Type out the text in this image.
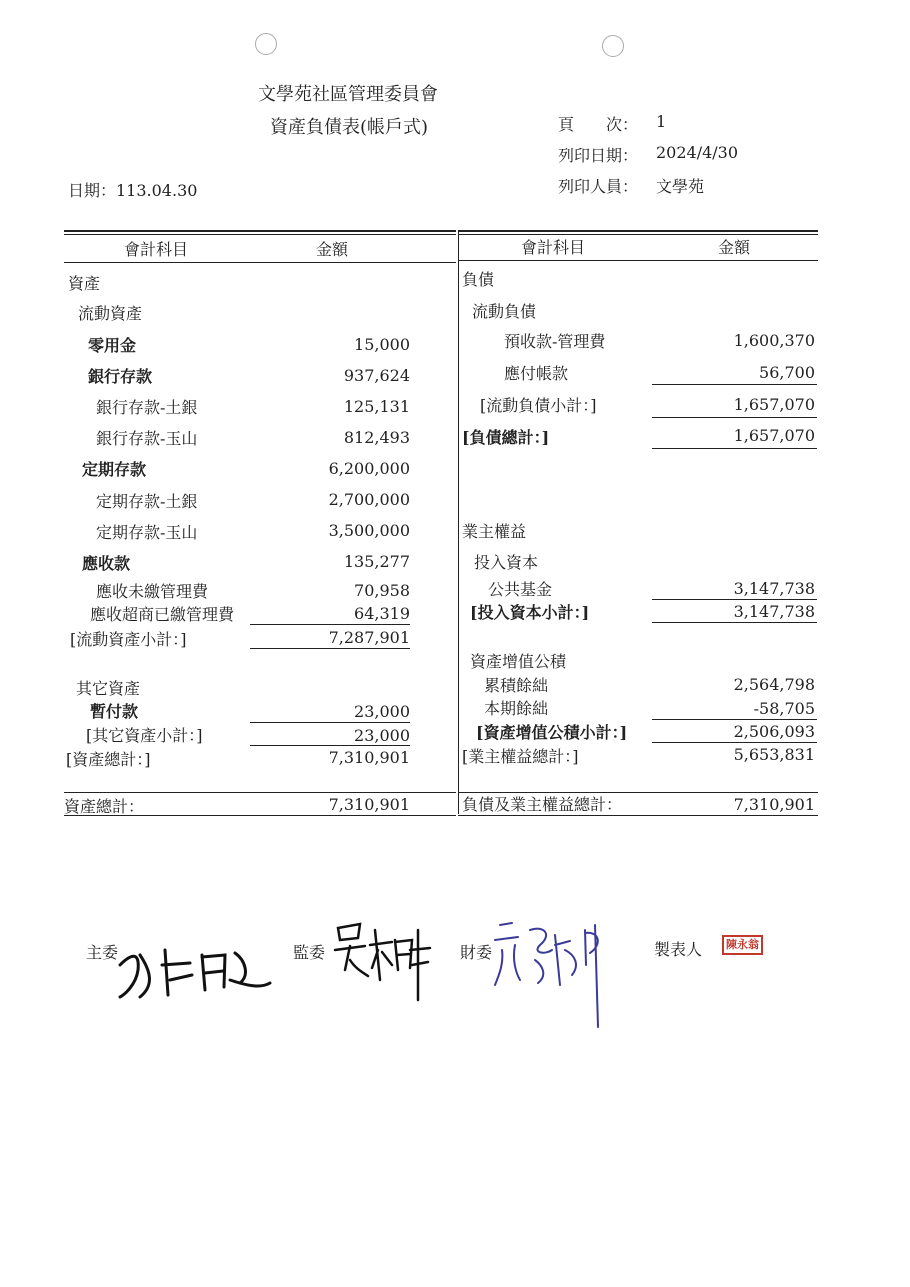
文學苑社區管理委員會
資產負債表(帳戶式)	頁　　次： 1
列印日期： 2024/4/30
列印人員： 文學苑
日期：113.04.30
會計科目	金額	會計科目	金額
資產
流動資產
零用金	15,000
銀行存款	937,624
銀行存款-土銀	125,131
銀行存款-玉山	812,493
定期存款	6,200,000
定期存款-土銀	2,700,000
定期存款-玉山	3,500,000
應收款	135,277
應收未繳管理費	70,958
應收超商已繳管理費	64,319
[流動資產小計：]	7,287,901
其它資產
暫付款	23,000
[其它資產小計：]	23,000
[資產總計：]	7,310,901
負債
流動負債
預收款-管理費	1,600,370
應付帳款	56,700
[流動負債小計：]	1,657,070
[負債總計：]	1,657,070
業主權益
投入資本
公共基金	3,147,738
[投入資本小計：]	3,147,738
資產增值公積
累積餘絀	2,564,798
本期餘絀	-58,705
[資產增值公積小計：]	2,506,093
[業主權益總計：]	5,653,831
資產總計：	7,310,901	負債及業主權益總計：	7,310,901
主委	監委	財委	製表人	陳永翁
